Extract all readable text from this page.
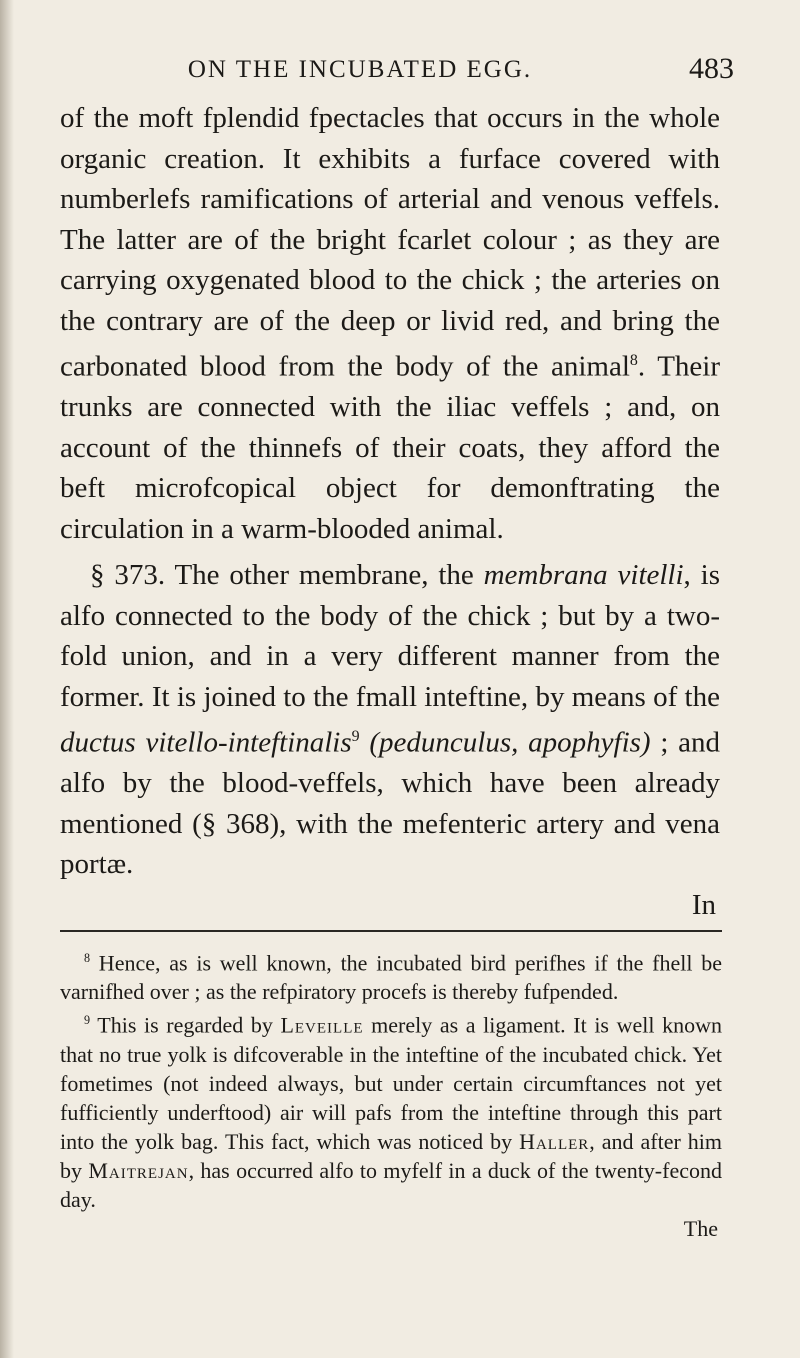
ON THE INCUBATED EGG.	483

of the moft fplendid fpectacles that occurs in the whole organic creation. It exhibits a furface covered with numberlefs ramifications of arterial and venous veffels. The latter are of the bright fcarlet colour ; as they are carrying oxygenated blood to the chick ; the arteries on the contrary are of the deep or livid red, and bring the carbonated blood from the body of the animal$^8$. Their trunks are connected with the iliac veffels ; and, on account of the thinnefs of their coats, they afford the beft microfcopical object for demonftrating the circulation in a warm-blooded animal.

§ 373. The other membrane, the membrana vitelli, is alfo connected to the body of the chick ; but by a two-fold union, and in a very different manner from the former. It is joined to the fmall inteftine, by means of the ductus vitello-inteftinalis$^9$ (pedunculus, apophyfis) ; and alfo by the blood-veffels, which have been already mentioned (§ 368), with the mefenteric artery and vena portæ.

In

$^8$ Hence, as is well known, the incubated bird perifhes if the fhell be varnifhed over ; as the refpiratory procefs is thereby fufpended.

$^9$ This is regarded by Leveille merely as a ligament. It is well known that no true yolk is difcoverable in the inteftine of the incubated chick. Yet fometimes (not indeed always, but under certain circumftances not yet fufficiently underftood) air will pafs from the inteftine through this part into the yolk bag. This fact, which was noticed by Haller, and after him by Maitrejan, has occurred alfo to myfelf in a duck of the twenty-fecond day.

The
